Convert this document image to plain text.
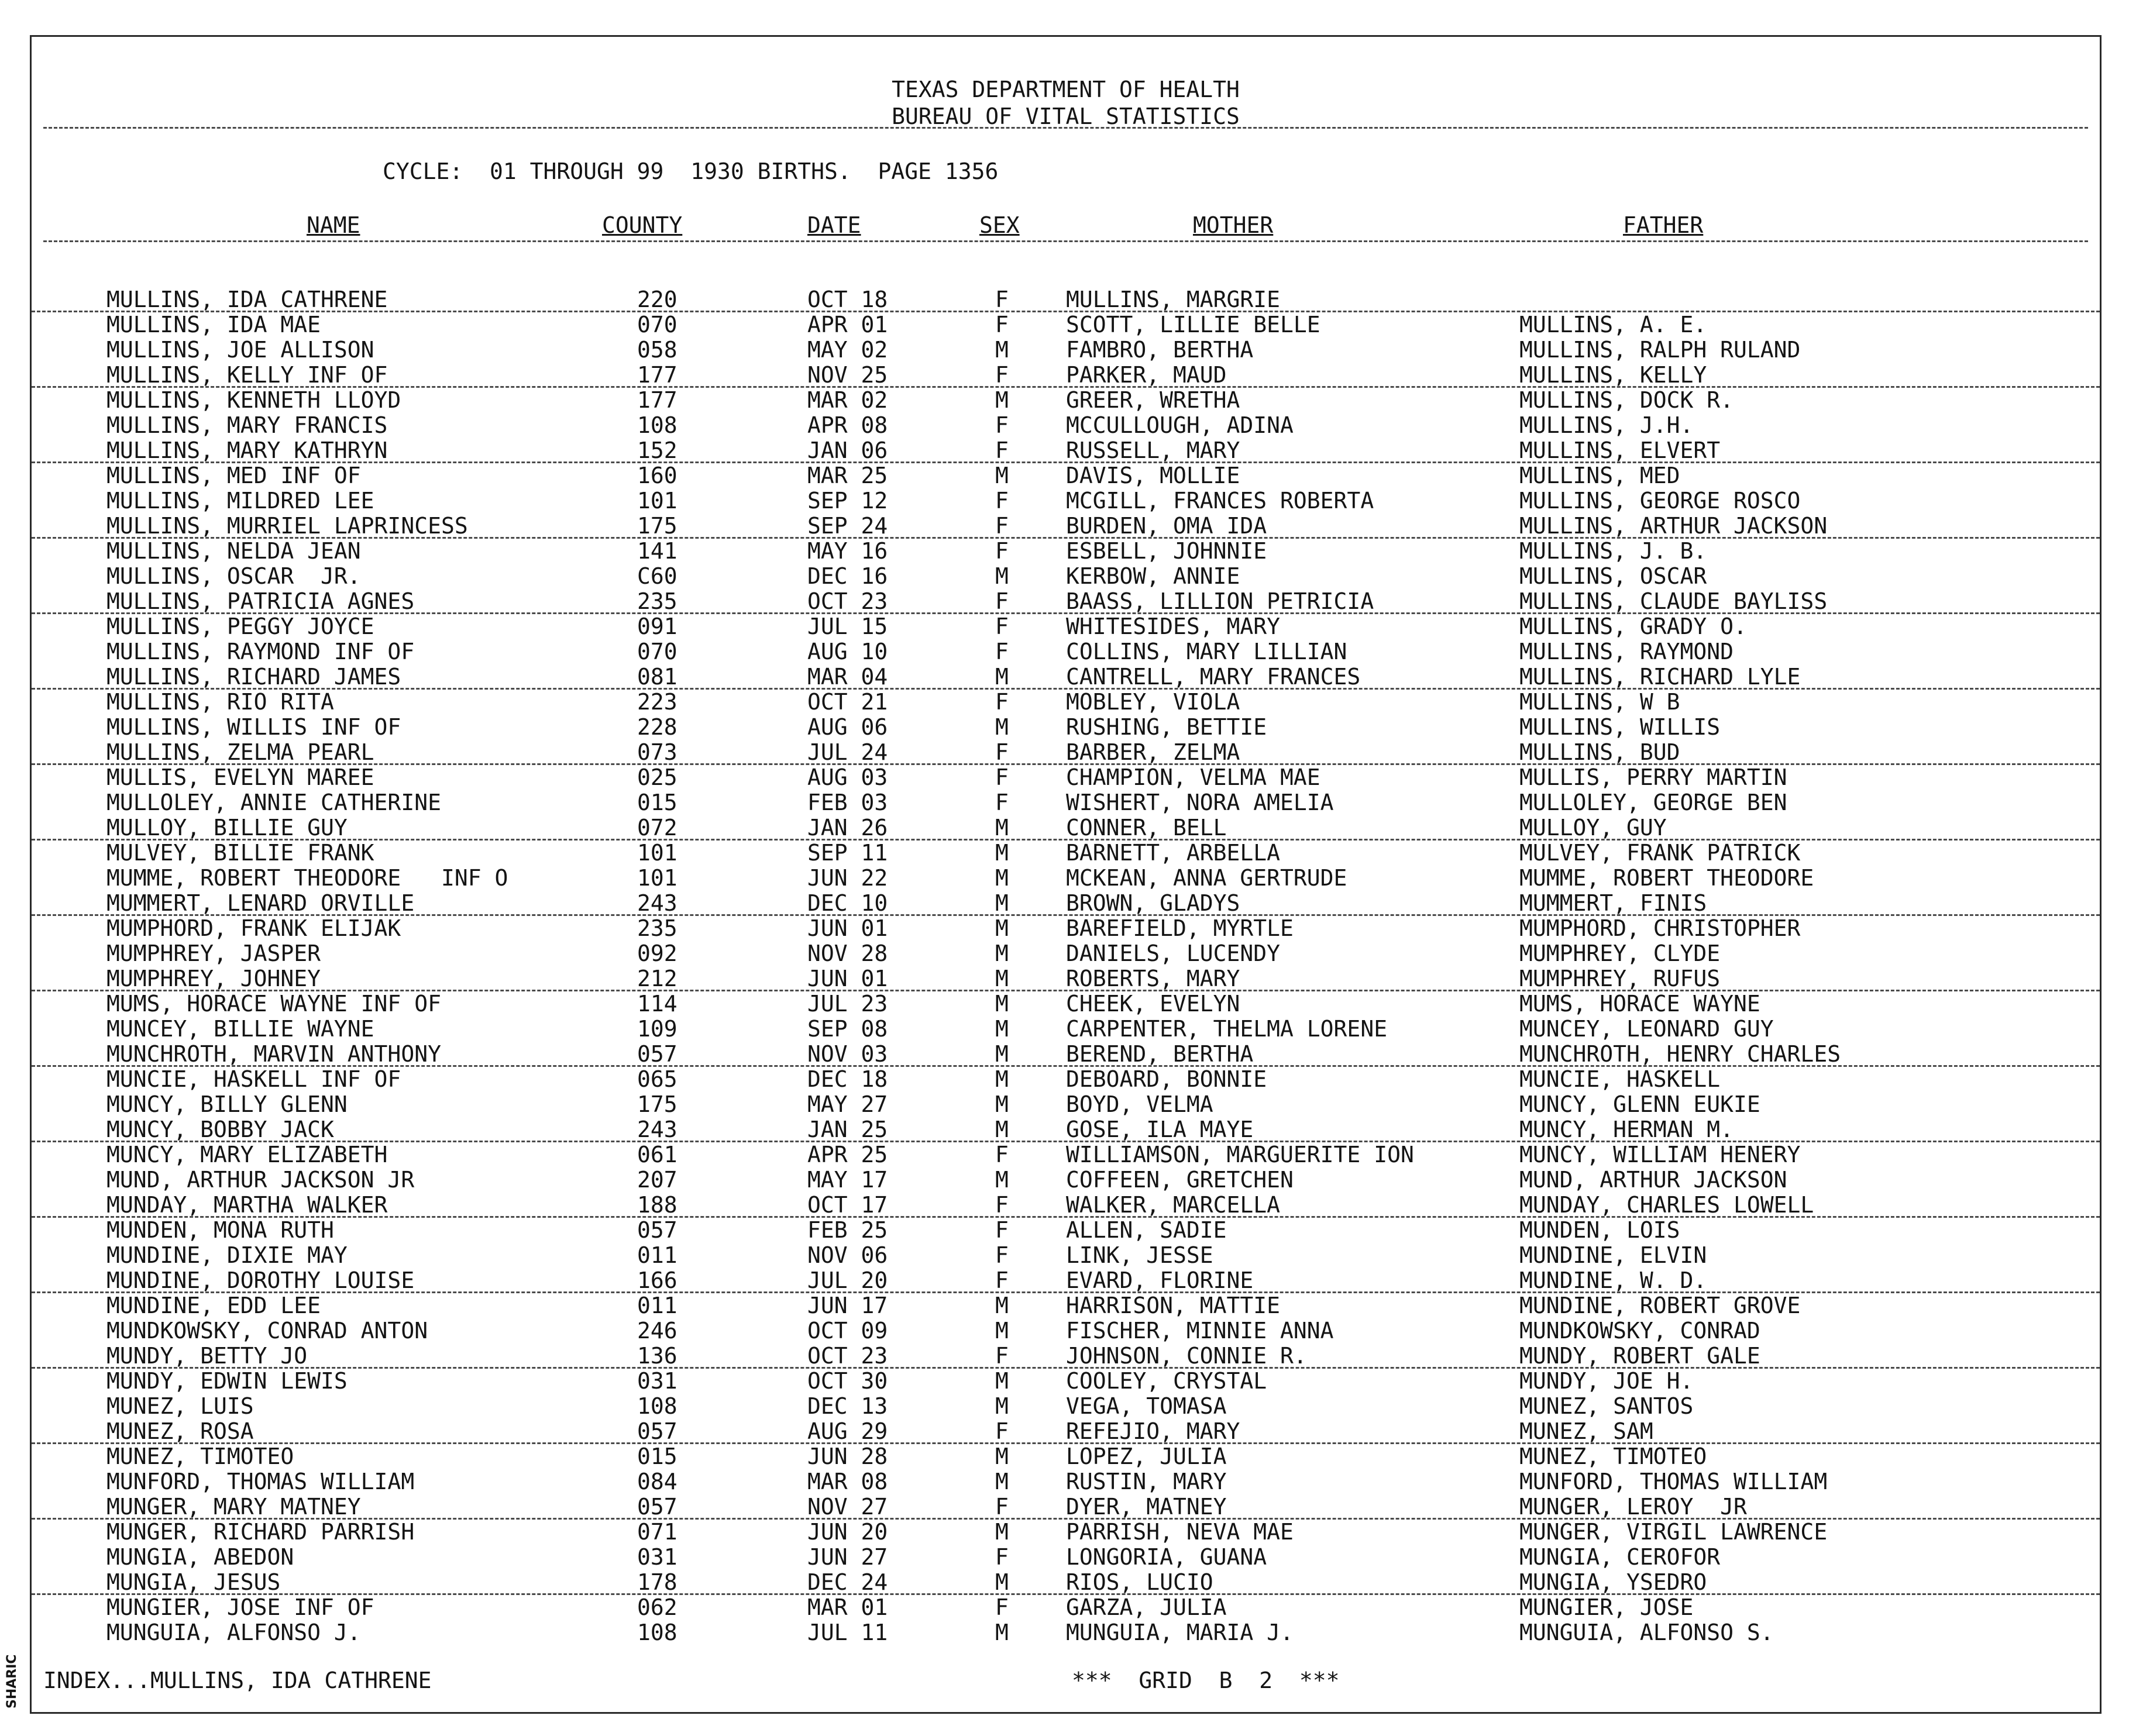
SHARIC
TEXAS DEPARTMENT OF HEALTH
BUREAU OF VITAL STATISTICS
CYCLE:  01 THROUGH 99  1930 BIRTHS.  PAGE 1356
NAME	COUNTY	DATE	SEX	MOTHER	FATHER
MULLINS, IDA CATHRENE	220	OCT 18	F	MULLINS, MARGRIE
MULLINS, IDA MAE	070	APR 01	F	SCOTT, LILLIE BELLE	MULLINS, A. E.
MULLINS, JOE ALLISON	058	MAY 02	M	FAMBRO, BERTHA	MULLINS, RALPH RULAND
MULLINS, KELLY INF OF	177	NOV 25	F	PARKER, MAUD	MULLINS, KELLY
MULLINS, KENNETH LLOYD	177	MAR 02	M	GREER, WRETHA	MULLINS, DOCK R.
MULLINS, MARY FRANCIS	108	APR 08	F	MCCULLOUGH, ADINA	MULLINS, J.H.
MULLINS, MARY KATHRYN	152	JAN 06	F	RUSSELL, MARY	MULLINS, ELVERT
MULLINS, MED INF OF	160	MAR 25	M	DAVIS, MOLLIE	MULLINS, MED
MULLINS, MILDRED LEE	101	SEP 12	F	MCGILL, FRANCES ROBERTA	MULLINS, GEORGE ROSCO
MULLINS, MURRIEL LAPRINCESS	175	SEP 24	F	BURDEN, OMA IDA	MULLINS, ARTHUR JACKSON
MULLINS, NELDA JEAN	141	MAY 16	F	ESBELL, JOHNNIE	MULLINS, J. B.
MULLINS, OSCAR  JR.	C60	DEC 16	M	KERBOW, ANNIE	MULLINS, OSCAR
MULLINS, PATRICIA AGNES	235	OCT 23	F	BAASS, LILLION PETRICIA	MULLINS, CLAUDE BAYLISS
MULLINS, PEGGY JOYCE	091	JUL 15	F	WHITESIDES, MARY	MULLINS, GRADY O.
MULLINS, RAYMOND INF OF	070	AUG 10	F	COLLINS, MARY LILLIAN	MULLINS, RAYMOND
MULLINS, RICHARD JAMES	081	MAR 04	M	CANTRELL, MARY FRANCES	MULLINS, RICHARD LYLE
MULLINS, RIO RITA	223	OCT 21	F	MOBLEY, VIOLA	MULLINS, W B
MULLINS, WILLIS INF OF	228	AUG 06	M	RUSHING, BETTIE	MULLINS, WILLIS
MULLINS, ZELMA PEARL	073	JUL 24	F	BARBER, ZELMA	MULLINS, BUD
MULLIS, EVELYN MAREE	025	AUG 03	F	CHAMPION, VELMA MAE	MULLIS, PERRY MARTIN
MULLOLEY, ANNIE CATHERINE	015	FEB 03	F	WISHERT, NORA AMELIA	MULLOLEY, GEORGE BEN
MULLOY, BILLIE GUY	072	JAN 26	M	CONNER, BELL	MULLOY, GUY
MULVEY, BILLIE FRANK	101	SEP 11	M	BARNETT, ARBELLA	MULVEY, FRANK PATRICK
MUMME, ROBERT THEODORE   INF O	101	JUN 22	M	MCKEAN, ANNA GERTRUDE	MUMME, ROBERT THEODORE
MUMMERT, LENARD ORVILLE	243	DEC 10	M	BROWN, GLADYS	MUMMERT, FINIS
MUMPHORD, FRANK ELIJAK	235	JUN 01	M	BAREFIELD, MYRTLE	MUMPHORD, CHRISTOPHER
MUMPHREY, JASPER	092	NOV 28	M	DANIELS, LUCENDY	MUMPHREY, CLYDE
MUMPHREY, JOHNEY	212	JUN 01	M	ROBERTS, MARY	MUMPHREY, RUFUS
MUMS, HORACE WAYNE INF OF	114	JUL 23	M	CHEEK, EVELYN	MUMS, HORACE WAYNE
MUNCEY, BILLIE WAYNE	109	SEP 08	M	CARPENTER, THELMA LORENE	MUNCEY, LEONARD GUY
MUNCHROTH, MARVIN ANTHONY	057	NOV 03	M	BEREND, BERTHA	MUNCHROTH, HENRY CHARLES
MUNCIE, HASKELL INF OF	065	DEC 18	M	DEBOARD, BONNIE	MUNCIE, HASKELL
MUNCY, BILLY GLENN	175	MAY 27	M	BOYD, VELMA	MUNCY, GLENN EUKIE
MUNCY, BOBBY JACK	243	JAN 25	M	GOSE, ILA MAYE	MUNCY, HERMAN M.
MUNCY, MARY ELIZABETH	061	APR 25	F	WILLIAMSON, MARGUERITE ION	MUNCY, WILLIAM HENERY
MUND, ARTHUR JACKSON JR	207	MAY 17	M	COFFEEN, GRETCHEN	MUND, ARTHUR JACKSON
MUNDAY, MARTHA WALKER	188	OCT 17	F	WALKER, MARCELLA	MUNDAY, CHARLES LOWELL
MUNDEN, MONA RUTH	057	FEB 25	F	ALLEN, SADIE	MUNDEN, LOIS
MUNDINE, DIXIE MAY	011	NOV 06	F	LINK, JESSE	MUNDINE, ELVIN
MUNDINE, DOROTHY LOUISE	166	JUL 20	F	EVARD, FLORINE	MUNDINE, W. D.
MUNDINE, EDD LEE	011	JUN 17	M	HARRISON, MATTIE	MUNDINE, ROBERT GROVE
MUNDKOWSKY, CONRAD ANTON	246	OCT 09	M	FISCHER, MINNIE ANNA	MUNDKOWSKY, CONRAD
MUNDY, BETTY JO	136	OCT 23	F	JOHNSON, CONNIE R.	MUNDY, ROBERT GALE
MUNDY, EDWIN LEWIS	031	OCT 30	M	COOLEY, CRYSTAL	MUNDY, JOE H.
MUNEZ, LUIS	108	DEC 13	M	VEGA, TOMASA	MUNEZ, SANTOS
MUNEZ, ROSA	057	AUG 29	F	REFEJIO, MARY	MUNEZ, SAM
MUNEZ, TIMOTEO	015	JUN 28	M	LOPEZ, JULIA	MUNEZ, TIMOTEO
MUNFORD, THOMAS WILLIAM	084	MAR 08	M	RUSTIN, MARY	MUNFORD, THOMAS WILLIAM
MUNGER, MARY MATNEY	057	NOV 27	F	DYER, MATNEY	MUNGER, LEROY  JR
MUNGER, RICHARD PARRISH	071	JUN 20	M	PARRISH, NEVA MAE	MUNGER, VIRGIL LAWRENCE
MUNGIA, ABEDON	031	JUN 27	F	LONGORIA, GUANA	MUNGIA, CEROFOR
MUNGIA, JESUS	178	DEC 24	M	RIOS, LUCIO	MUNGIA, YSEDRO
MUNGIER, JOSE INF OF	062	MAR 01	F	GARZA, JULIA	MUNGIER, JOSE
MUNGUIA, ALFONSO J.	108	JUL 11	M	MUNGUIA, MARIA J.	MUNGUIA, ALFONSO S.
INDEX...MULLINS, IDA CATHRENE	***  GRID  B  2  ***
